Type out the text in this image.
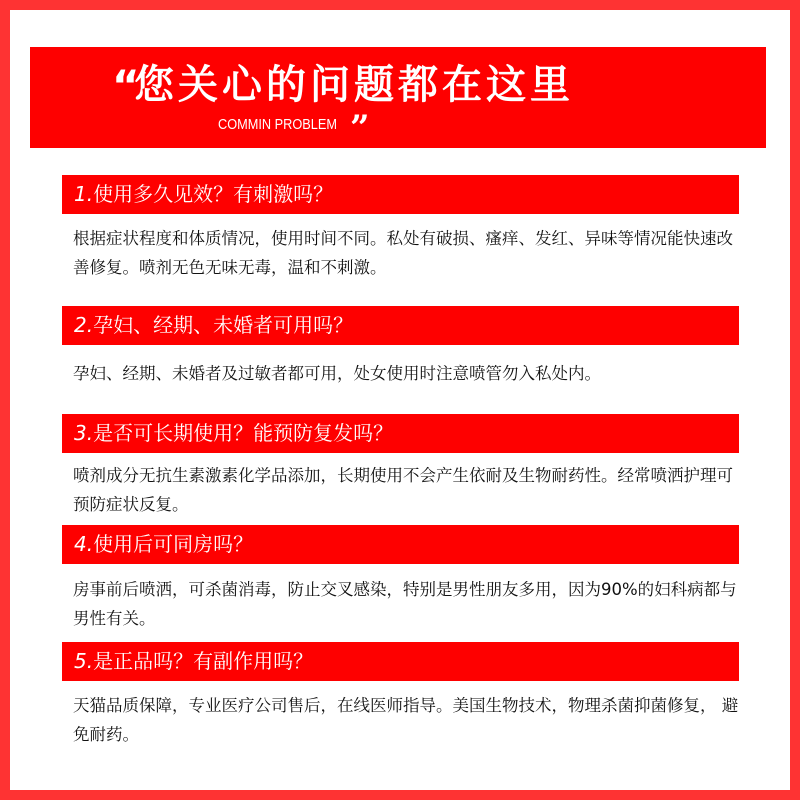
“
您关心的问题都在这里
COMMIN PROBLEM ”
1.使用多久见效？有刺激吗？
根据症状程度和体质情况，使用时间不同。私处有破损、瘙痒、发红、异味等情况能快速改善修复。喷剂无色无味无毒，温和不刺激。
2.孕妇、经期、未婚者可用吗？
孕妇、经期、未婚者及过敏者都可用，处女使用时注意喷管勿入私处内。
3.是否可长期使用？能预防复发吗？
喷剂成分无抗生素激素化学品添加，长期使用不会产生依耐及生物耐药性。经常喷洒护理可预防症状反复。
4.使用后可同房吗？
房事前后喷洒，可杀菌消毒，防止交叉感染，特别是男性朋友多用，因为90%的妇科病都与男性有关。
5.是正品吗？有副作用吗？
天猫品质保障，专业医疗公司售后，在线医师指导。美国生物技术，物理杀菌抑菌修复， 避免耐药。
